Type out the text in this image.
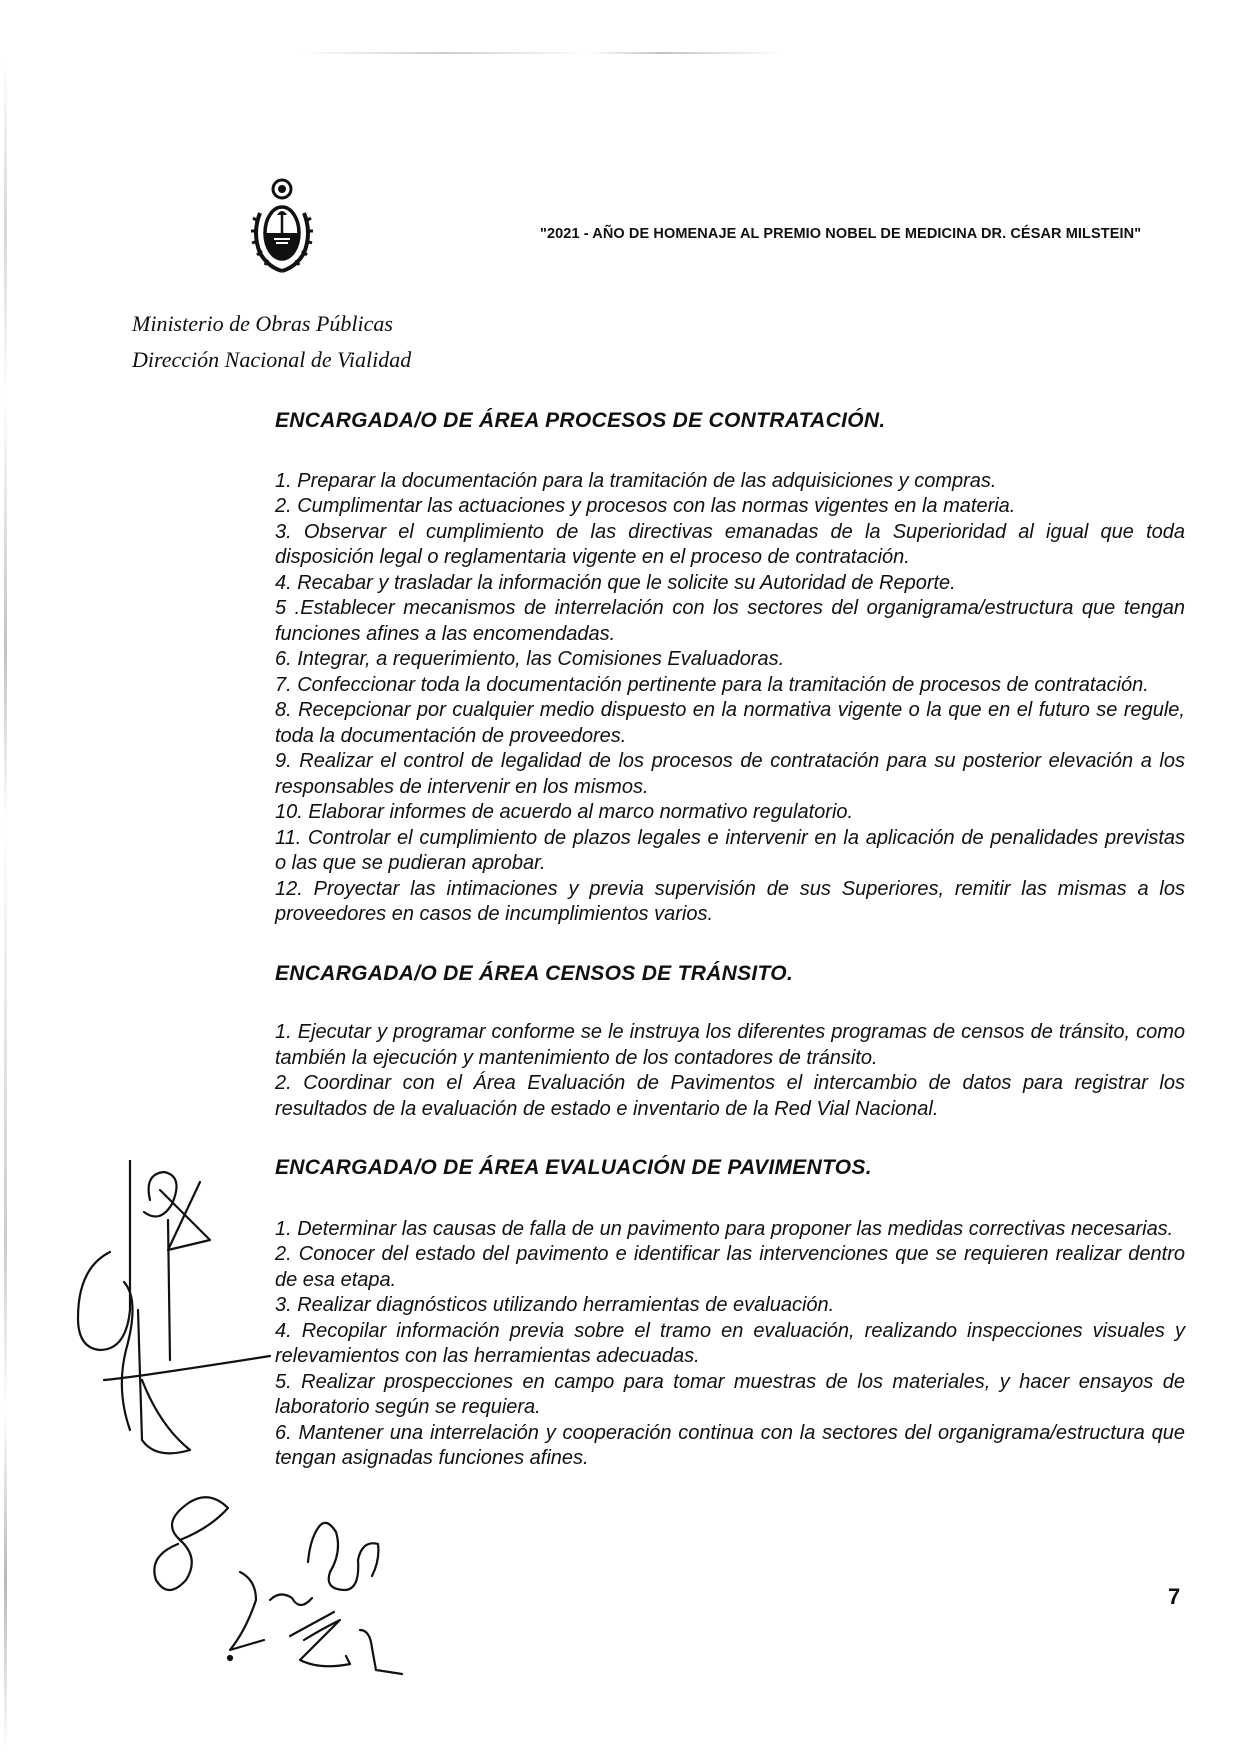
"2021 - AÑO DE HOMENAJE AL PREMIO NOBEL DE MEDICINA DR. CÉSAR MILSTEIN"
Ministerio de Obras Públicas
Dirección Nacional de Vialidad

ENCARGADA/O DE ÁREA PROCESOS DE CONTRATACIÓN.

1. Preparar la documentación para la tramitación de las adquisiciones y compras.
2. Cumplimentar las actuaciones y procesos con las normas vigentes en la materia.
3. Observar el cumplimiento de las directivas emanadas de la Superioridad al igual que toda disposición legal o reglamentaria vigente en el proceso de contratación.
4. Recabar y trasladar la información que le solicite su Autoridad de Reporte.
5 .Establecer mecanismos de interrelación con los sectores del organigrama/estructura que tengan funciones afines a las encomendadas.
6. Integrar, a requerimiento, las Comisiones Evaluadoras.
7. Confeccionar toda la documentación pertinente para la tramitación de procesos de contratación.
8. Recepcionar por cualquier medio dispuesto en la normativa vigente o la que en el futuro se regule, toda la documentación de proveedores.
9. Realizar el control de legalidad de los procesos de contratación para su posterior elevación a los responsables de intervenir en los mismos.
10. Elaborar informes de acuerdo al marco normativo regulatorio.
11. Controlar el cumplimiento de plazos legales e intervenir en la aplicación de penalidades previstas o las que se pudieran aprobar.
12. Proyectar las intimaciones y previa supervisión de sus Superiores, remitir las mismas a los proveedores en casos de incumplimientos varios.

ENCARGADA/O DE ÁREA CENSOS DE TRÁNSITO.

1. Ejecutar y programar conforme se le instruya los diferentes programas de censos de tránsito, como también la ejecución y mantenimiento de los contadores de tránsito.
2. Coordinar con el Área Evaluación de Pavimentos el intercambio de datos para registrar los resultados de la evaluación de estado e inventario de la Red Vial Nacional.

ENCARGADA/O DE ÁREA EVALUACIÓN DE PAVIMENTOS.

1. Determinar las causas de falla de un pavimento para proponer las medidas correctivas necesarias.
2. Conocer del estado del pavimento e identificar las intervenciones que se requieren realizar dentro de esa etapa.
3. Realizar diagnósticos utilizando herramientas de evaluación.
4. Recopilar información previa sobre el tramo en evaluación, realizando inspecciones visuales y relevamientos con las herramientas adecuadas.
5. Realizar prospecciones en campo para tomar muestras de los materiales, y hacer ensayos de laboratorio según se requiera.
6. Mantener una interrelación y cooperación continua con la sectores del organigrama/estructura que tengan asignadas funciones afines.
7
